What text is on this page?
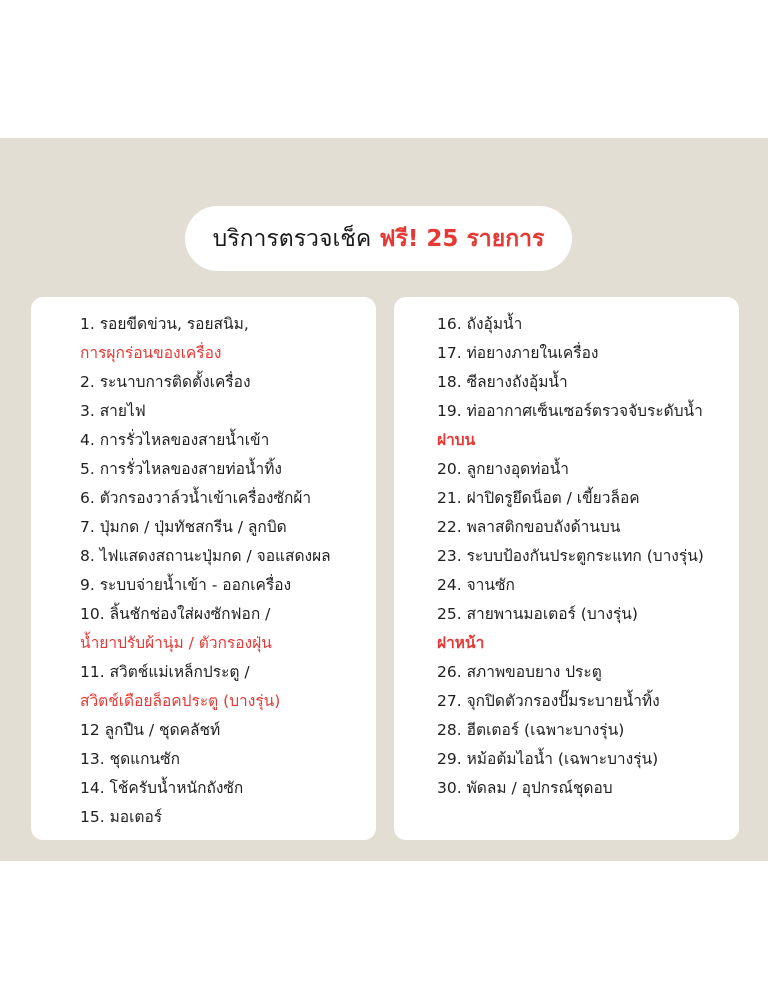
บริการตรวจเช็ค ฟรี! 25 รายการ
1. รอยขีดข่วน, รอยสนิม,
การผุกร่อนของเครื่อง
2. ระนาบการติดตั้งเครื่อง
3. สายไฟ
4. การรั่วไหลของสายน้ำเข้า
5. การรั่วไหลของสายท่อน้ำทิ้ง
6. ตัวกรองวาล์วน้ำเข้าเครื่องซักผ้า
7. ปุ่มกด / ปุ่มทัชสกรีน / ลูกบิด
8. ไฟแสดงสถานะปุ่มกด / จอแสดงผล
9. ระบบจ่ายน้ำเข้า - ออกเครื่อง
10. ลิ้นชักช่องใส่ผงซักฟอก /
น้ำยาปรับผ้านุ่ม / ตัวกรองฝุ่น
11. สวิตช์แม่เหล็กประตู /
สวิตช์เดือยล็อคประตู (บางรุ่น)
12 ลูกปืน / ชุดคลัชท์
13. ชุดแกนซัก
14. โช้ครับน้ำหนักถังซัก
15. มอเตอร์
16. ถังอุ้มน้ำ
17. ท่อยางภายในเครื่อง
18. ซีลยางถังอุ้มน้ำ
19. ท่ออากาศเซ็นเซอร์ตรวจจับระดับน้ำ
ฝาบน
20. ลูกยางอุดท่อน้ำ
21. ฝาปิดรูยึดน็อต / เขี้ยวล็อค
22. พลาสติกขอบถังด้านบน
23. ระบบป้องกันประตูกระแทก (บางรุ่น)
24. จานซัก
25. สายพานมอเตอร์ (บางรุ่น)
ฝาหน้า
26. สภาพขอบยาง ประตู
27. จุกปิดตัวกรองปั๊มระบายน้ำทิ้ง
28. ฮีตเตอร์ (เฉพาะบางรุ่น)
29. หม้อต้มไอน้ำ (เฉพาะบางรุ่น)
30. พัดลม / อุปกรณ์ชุดอบ
